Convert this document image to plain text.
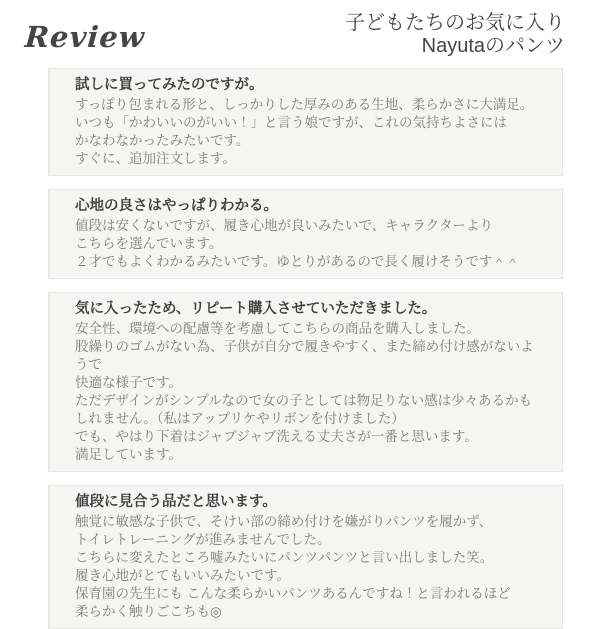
Review	子どもたちのお気に入り
Nayutaのパンツ
試しに買ってみたのですが。
すっぽり包まれる形と、しっかりした厚みのある生地、柔らかさに大満足。
いつも「かわいいのがいい！」と言う娘ですが、これの気持ちよさには
かなわなかったみたいです。
すぐに、追加注文します。
心地の良さはやっぱりわかる。
値段は安くないですが、履き心地が良いみたいで、キャラクターより
こちらを選んでいます。
２才でもよくわかるみたいです。ゆとりがあるので長く履けそうです＾＾
気に入ったため、リピート購入させていただきました。
安全性、環境への配慮等を考慮してこちらの商品を購入しました。
股繰りのゴムがない為、子供が自分で履きやすく、また締め付け感がないようで
快適な様子です。
ただデザインがシンプルなので女の子としては物足りない感は少々あるかも
しれません。（私はアップリケやリボンを付けました）
でも、やはり下着はジャブジャブ洗える丈夫さが一番と思います。
満足しています。
値段に見合う品だと思います。
触覚に敏感な子供で、そけい部の締め付けを嫌がりパンツを履かず、
トイレトレーニングが進みませんでした。
こちらに変えたところ嘘みたいにパンツパンツと言い出しました笑。
履き心地がとてもいいみたいです。
保育園の先生にも こんな柔らかいパンツあるんですね！と言われるほど
柔らかく触りごこちも◎
